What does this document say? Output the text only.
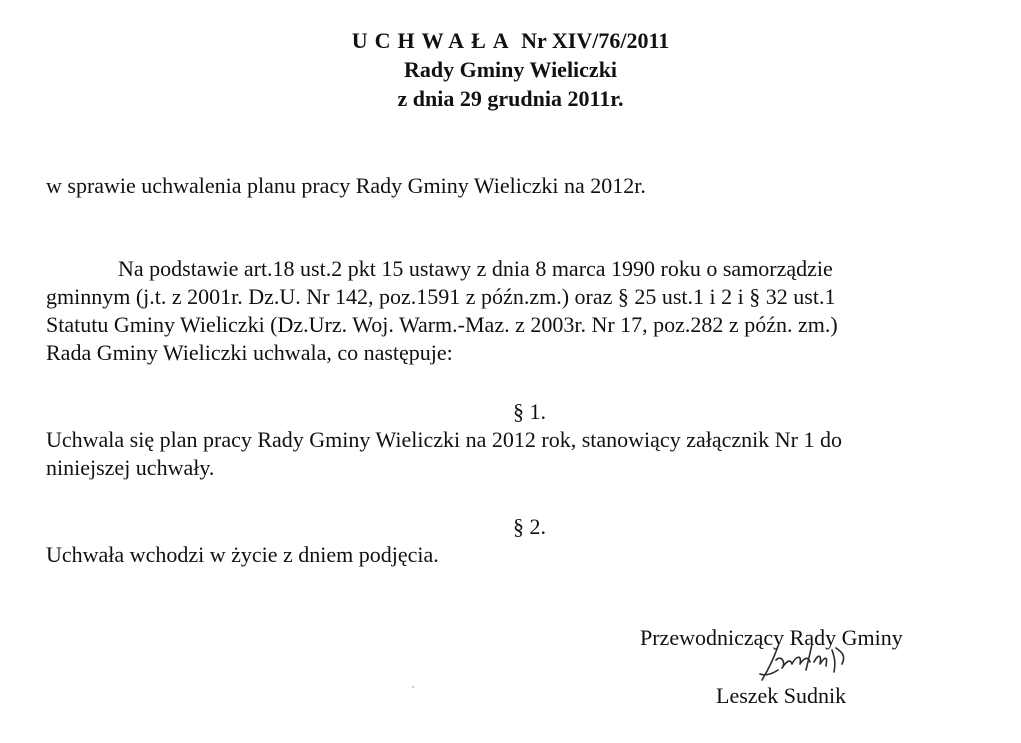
UCHWAŁA Nr XIV/76/2011
Rady Gminy Wieliczki
z dnia 29 grudnia 2011r.
w sprawie uchwalenia planu pracy Rady Gminy Wieliczki na 2012r.
Na podstawie art.18 ust.2 pkt 15 ustawy z dnia 8 marca 1990 roku o samorządzie
gminnym (j.t. z 2001r. Dz.U. Nr 142, poz.1591 z późn.zm.) oraz § 25 ust.1 i 2 i § 32 ust.1
Statutu Gminy Wieliczki (Dz.Urz. Woj. Warm.-Maz. z 2003r. Nr 17, poz.282 z późn. zm.)
Rada Gminy Wieliczki uchwala, co następuje:
§ 1.
Uchwala się plan pracy Rady Gminy Wieliczki na 2012 rok, stanowiący załącznik Nr 1 do
niniejszej uchwały.
§ 2.
Uchwała wchodzi w życie z dniem podjęcia.
Przewodniczący Rady Gminy
Leszek Sudnik
